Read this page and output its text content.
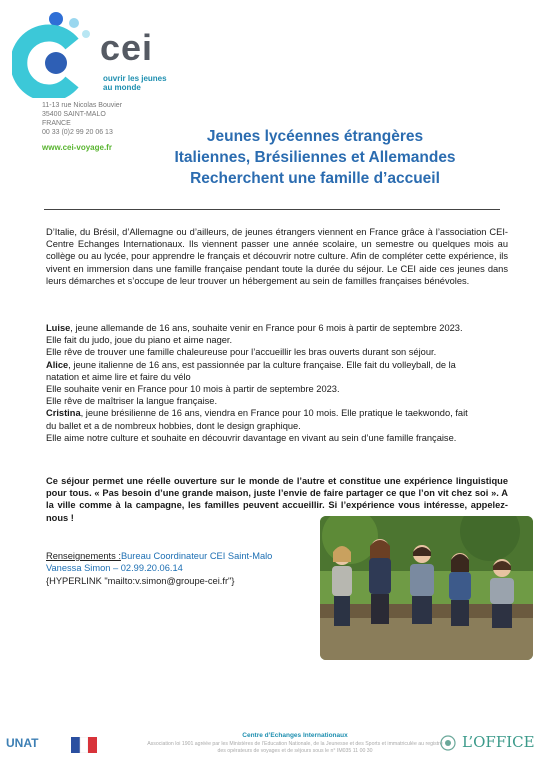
cei
ouvrir les jeunes au monde
11-13 rue Nicolas Bouvier
35400 SAINT-MALO
FRANCE
00 33 (0)2 99 20 06 13
www.cei-voyage.fr
Jeunes lycéennes étrangères
Italiennes, Brésiliennes et Allemandes
Recherchent une famille d’accueil
D’Italie, du Brésil, d’Allemagne ou d’ailleurs, de jeunes étrangers viennent en France grâce à l’association CEI-Centre Echanges Internationaux. Ils viennent passer une année scolaire, un semestre ou quelques mois au collège ou au lycée, pour apprendre le français et découvrir notre culture. Afin de compléter cette expérience, ils vivent en immersion dans une famille française pendant toute la durée du séjour. Le CEI aide ces jeunes dans leurs démarches et s’occupe de leur trouver un hébergement au sein de familles françaises bénévoles.
Luise, jeune allemande de 16 ans, souhaite venir en France pour 6 mois à partir de septembre 2023.
Elle fait du judo, joue du piano et aime nager.
Elle rêve de trouver une famille chaleureuse pour l’accueillir les bras ouverts durant son séjour.
Alice, jeune italienne de 16 ans, est passionnée par la culture française. Elle fait du volleyball, de la
natation et aime lire et faire du vélo
Elle souhaite venir en France pour 10 mois à partir de septembre 2023.
Elle rêve de maîtriser la langue française.
Cristina, jeune brésilienne de 16 ans, viendra en France pour 10 mois. Elle pratique le taekwondo, fait
du ballet et a de nombreux hobbies, dont le design graphique.
Elle aime notre culture et souhaite en découvrir davantage en vivant au sein d’une famille française.
Ce séjour permet une réelle ouverture sur le monde de l’autre et constitue une expérience linguistique pour tous. « Pas besoin d’une grande maison, juste l’envie de faire partager ce que l’on vit chez soi ». A la ville comme à la campagne, les familles peuvent accueillir. Si l’expérience vous intéresse, appelez-nous !
Renseignements :Bureau Coordinateur CEI Saint-Malo
Vanessa Simon – 02.99.20.06.14
{HYPERLINK "mailto:v.simon@groupe-cei.fr"}
UNAT
Centre d’Echanges Internationaux
Association loi 1901 agréée par les Ministères de l’Education Nationale, de la Jeunesse et des Sports et immatriculée au registre des opérateurs de voyages et de séjours sous le n° IM035 11 00 30	L’OFFICE
